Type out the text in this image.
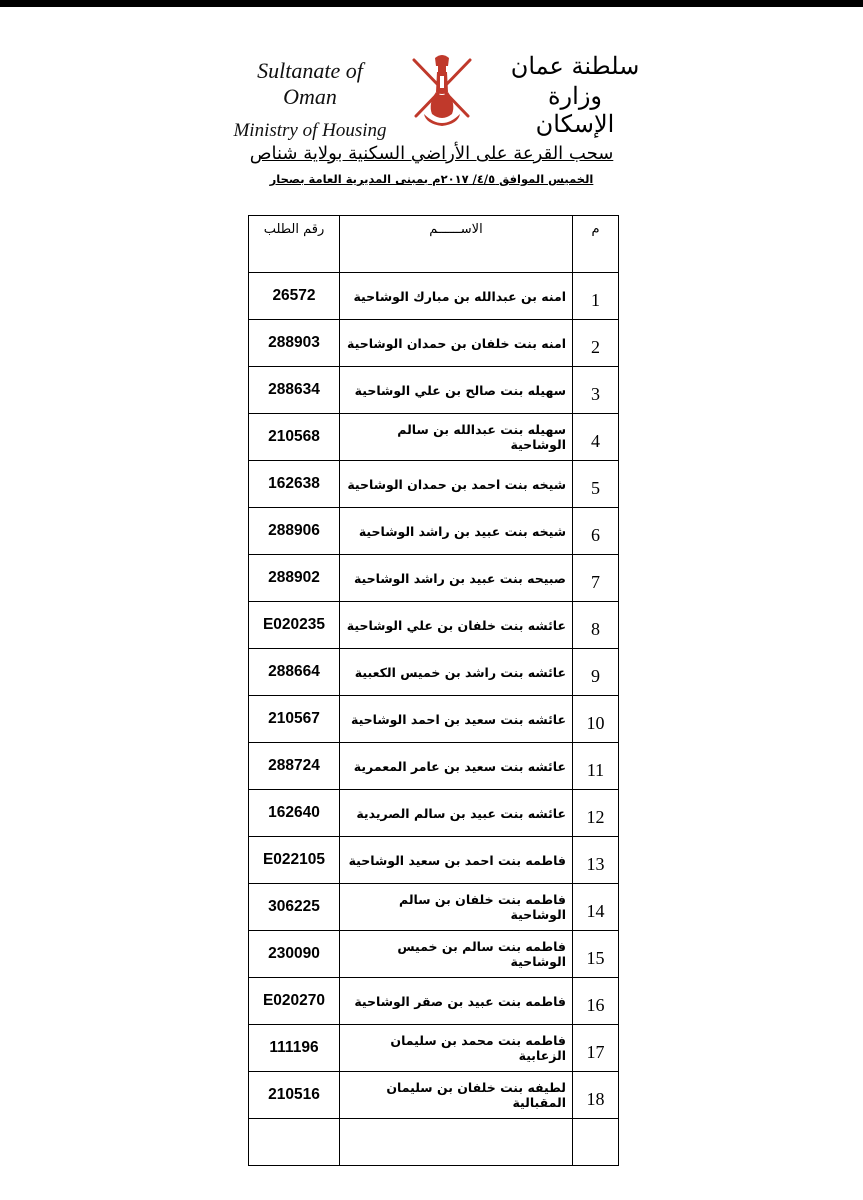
Sultanate of Oman
Ministry of Housing
سلطنة عمان
وزارة الإسكان
سحب القرعة على الأراضي السكنية بولاية شناص
الخميس الموافق ٤/٥/ ٢٠١٧م بمبنى المديرية العامة بصحار
م	الاســــــم	رقم الطلب
1	امنه بن عبدالله بن مبارك الوشاحية	26572
2	امنه بنت خلفان بن حمدان الوشاحية	288903
3	سهيله بنت صالح بن علي الوشاحية	288634
4	سهيله بنت عبدالله بن سالم الوشاحية	210568
5	شيخه بنت احمد بن حمدان الوشاحية	162638
6	شيخه بنت عبيد بن راشد الوشاحية	288906
7	صبيحه بنت عبيد بن راشد الوشاحية	288902
8	عائشه بنت خلفان بن علي الوشاحية	E020235
9	عائشه بنت راشد بن خميس الكعبية	288664
10	عائشه بنت سعيد بن احمد الوشاحية	210567
11	عائشه بنت سعيد بن عامر المعمرية	288724
12	عائشه بنت عبيد بن سالم الصريدية	162640
13	فاطمه بنت احمد بن سعيد الوشاحية	E022105
14	فاطمه بنت خلفان بن سالم الوشاحية	306225
15	فاطمه بنت سالم بن خميس الوشاحية	230090
16	فاطمه بنت عبيد بن صقر الوشاحية	E020270
17	فاطمه بنت محمد بن سليمان الزعابية	111196
18	لطيفه بنت خلفان بن سليمان المقبالية	210516
